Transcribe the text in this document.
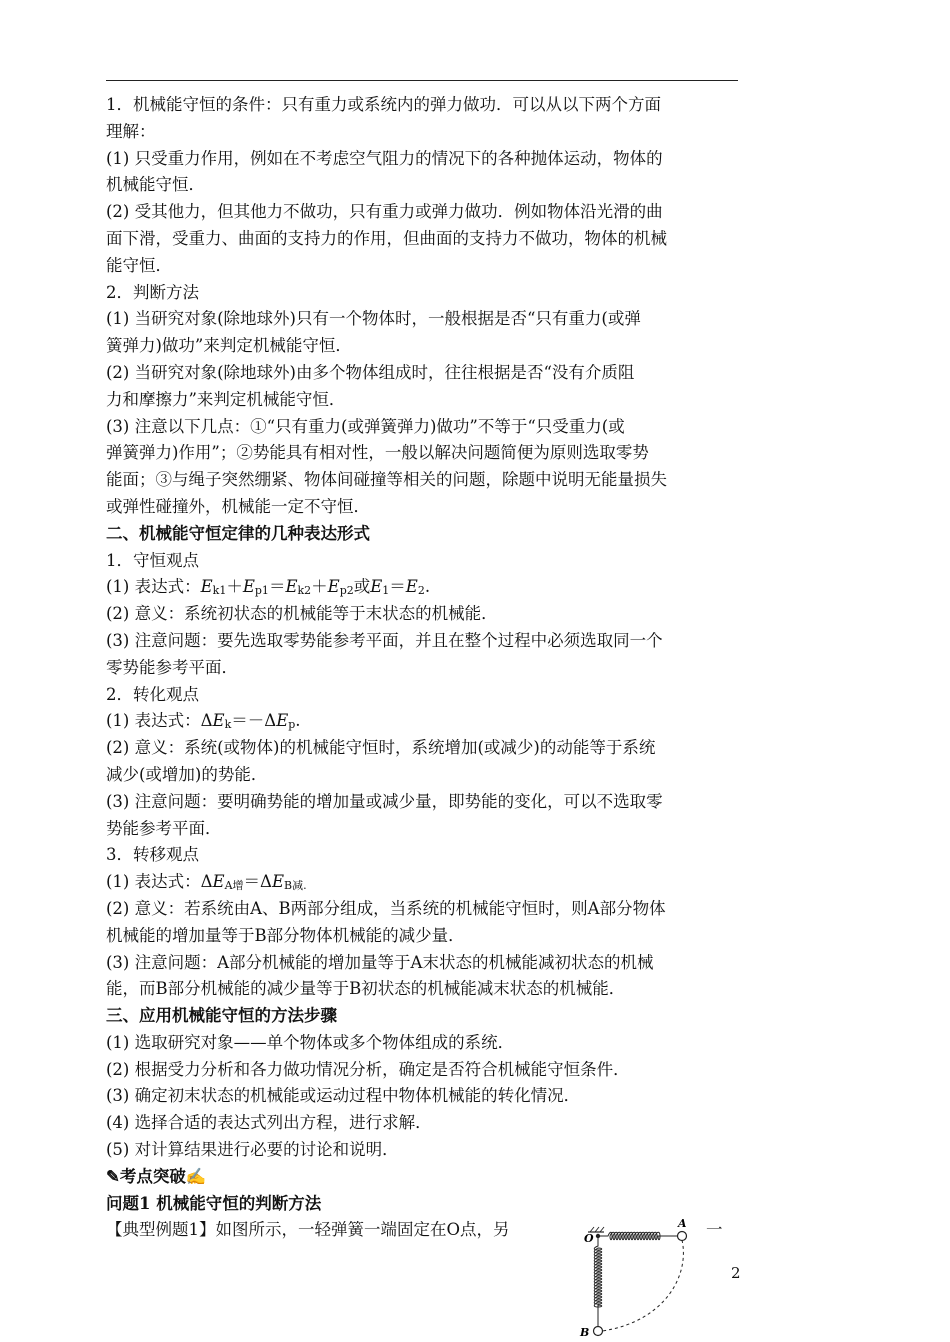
1．机械能守恒的条件：只有重力或系统内的弹力做功．可以从以下两个方面
理解：
(1) 只受重力作用，例如在不考虑空气阻力的情况下的各种抛体运动，物体的
机械能守恒．
(2) 受其他力，但其他力不做功，只有重力或弹力做功．例如物体沿光滑的曲
面下滑，受重力、曲面的支持力的作用，但曲面的支持力不做功，物体的机械
能守恒．
2．判断方法
(1) 当研究对象(除地球外)只有一个物体时，一般根据是否“只有重力(或弹
簧弹力)做功”来判定机械能守恒．
(2) 当研究对象(除地球外)由多个物体组成时，往往根据是否“没有介质阻
力和摩擦力”来判定机械能守恒．
(3) 注意以下几点：①“只有重力(或弹簧弹力)做功”不等于“只受重力(或
弹簧弹力)作用”；②势能具有相对性，一般以解决问题简便为原则选取零势
能面；③与绳子突然绷紧、物体间碰撞等相关的问题，除题中说明无能量损失
或弹性碰撞外，机械能一定不守恒．
二、机械能守恒定律的几种表达形式
1．守恒观点
(1) 表达式：Ek1＋Ep1＝Ek2＋Ep2或E1＝E2.
(2) 意义：系统初状态的机械能等于末状态的机械能．
(3) 注意问题：要先选取零势能参考平面，并且在整个过程中必须选取同一个
零势能参考平面．
2．转化观点
(1) 表达式：ΔEk＝－ΔEp.
(2) 意义：系统(或物体)的机械能守恒时，系统增加(或减少)的动能等于系统
减少(或增加)的势能．
(3) 注意问题：要明确势能的增加量或减少量，即势能的变化，可以不选取零
势能参考平面．
3．转移观点
(1) 表达式：ΔEA增＝ΔEB减.
(2) 意义：若系统由A、B两部分组成，当系统的机械能守恒时，则A部分物体
机械能的增加量等于B部分物体机械能的减少量．
(3) 注意问题：A部分机械能的增加量等于A末状态的机械能减初状态的机械
能，而B部分机械能的减少量等于B初状态的机械能减末状态的机械能．
三、应用机械能守恒的方法步骤
(1) 选取研究对象——单个物体或多个物体组成的系统．
(2) 根据受力分析和各力做功情况分析，确定是否符合机械能守恒条件．
(3) 确定初末状态的机械能或运动过程中物体机械能的转化情况．
(4) 选择合适的表达式列出方程，进行求解．
(5) 对计算结果进行必要的讨论和说明．
✎考点突破✍
问题1 机械能守恒的判断方法
【典型例题1】如图所示，一轻弹簧一端固定在O点，另	一
2
O
A
B
